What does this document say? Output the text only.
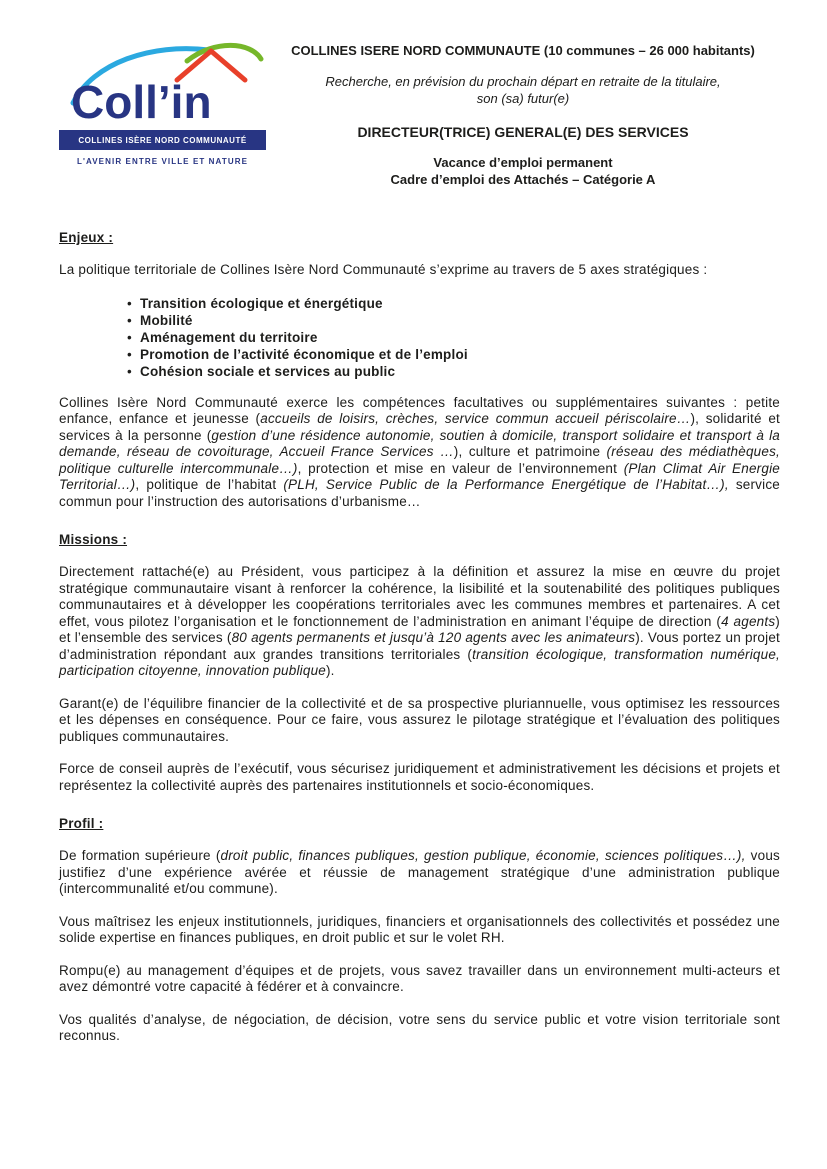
Coll’in
COLLINES ISÈRE NORD COMMUNAUTÉ
L'AVENIR ENTRE VILLE ET NATURE

COLLINES ISERE NORD COMMUNAUTE (10 communes – 26 000 habitants)

Recherche, en prévision du prochain départ en retraite de la titulaire,
son (sa) futur(e)

DIRECTEUR(TRICE) GENERAL(E) DES SERVICES

Vacance d’emploi permanent
Cadre d’emploi des Attachés – Catégorie A

Enjeux :

La politique territoriale de Collines Isère Nord Communauté s’exprime au travers de 5 axes stratégiques :

• Transition écologique et énergétique
• Mobilité
• Aménagement du territoire
• Promotion de l’activité économique et de l’emploi
• Cohésion sociale et services au public

Collines Isère Nord Communauté exerce les compétences facultatives ou supplémentaires suivantes : petite enfance, enfance et jeunesse (accueils de loisirs, crèches, service commun accueil périscolaire…), solidarité et services à la personne (gestion d’une résidence autonomie, soutien à domicile, transport solidaire et transport à la demande, réseau de covoiturage, Accueil France Services …), culture et patrimoine (réseau des médiathèques, politique culturelle intercommunale…), protection et mise en valeur de l’environnement (Plan Climat Air Energie Territorial…), politique de l’habitat (PLH, Service Public de la Performance Energétique de l’Habitat…), service commun pour l’instruction des autorisations d’urbanisme…

Missions :

Directement rattaché(e) au Président, vous participez à la définition et assurez la mise en œuvre du projet stratégique communautaire visant à renforcer la cohérence, la lisibilité et la soutenabilité des politiques publiques communautaires et à développer les coopérations territoriales avec les communes membres et partenaires. A cet effet, vous pilotez l’organisation et le fonctionnement de l’administration en animant l’équipe de direction (4 agents) et l’ensemble des services (80 agents permanents et jusqu’à 120 agents avec les animateurs). Vous portez un projet d’administration répondant aux grandes transitions territoriales (transition écologique, transformation numérique, participation citoyenne, innovation publique).

Garant(e) de l’équilibre financier de la collectivité et de sa prospective pluriannuelle, vous optimisez les ressources et les dépenses en conséquence. Pour ce faire, vous assurez le pilotage stratégique et l’évaluation des politiques publiques communautaires.

Force de conseil auprès de l’exécutif, vous sécurisez juridiquement et administrativement les décisions et projets et représentez la collectivité auprès des partenaires institutionnels et socio-économiques.

Profil :

De formation supérieure (droit public, finances publiques, gestion publique, économie, sciences politiques…), vous justifiez d’une expérience avérée et réussie de management stratégique d’une administration publique (intercommunalité et/ou commune).

Vous maîtrisez les enjeux institutionnels, juridiques, financiers et organisationnels des collectivités et possédez une solide expertise en finances publiques, en droit public et sur le volet RH.

Rompu(e) au management d’équipes et de projets, vous savez travailler dans un environnement multi-acteurs et avez démontré votre capacité à fédérer et à convaincre.

Vos qualités d’analyse, de négociation, de décision, votre sens du service public et votre vision territoriale sont reconnus.
